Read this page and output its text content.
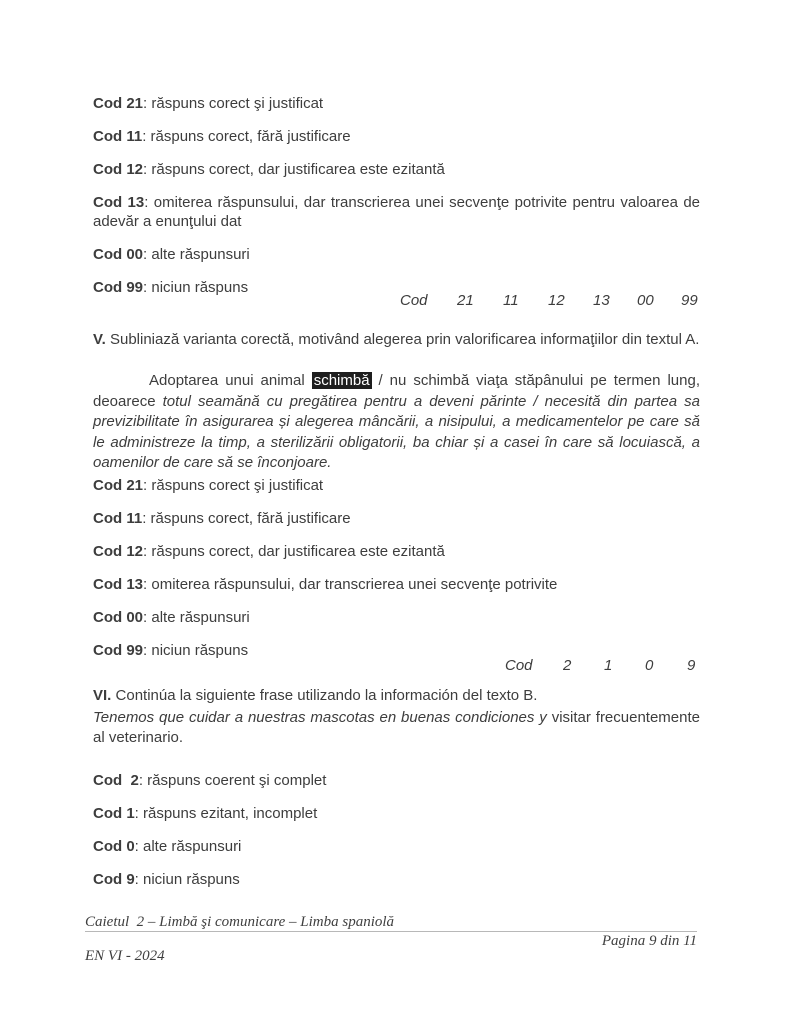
Cod 21: răspuns corect şi justificat

Cod 11: răspuns corect, fără justificare

Cod 12: răspuns corect, dar justificarea este ezitantă

Cod 13: omiterea răspunsului, dar transcrierea unei secvenţe potrivite pentru valoarea de adevăr a enunţului dat

Cod 00: alte răspunsuri

Cod 99: niciun răspuns

Cod 21 11 12 13 00 99

V. Subliniază varianta corectă, motivând alegerea prin valorificarea informaţiilor din textul A.

Adoptarea unui animal schimbă / nu schimbă viaţa stăpânului pe termen lung, deoarece totul seamănă cu pregătirea pentru a deveni părinte / necesită din partea sa previzibilitate în asigurarea și alegerea mâncării, a nisipului, a medicamentelor pe care să le administreze la timp, a sterilizării obligatorii, ba chiar și a casei în care să locuiască, a oamenilor de care să se înconjoare.

Cod 21: răspuns corect şi justificat

Cod 11: răspuns corect, fără justificare

Cod 12: răspuns corect, dar justificarea este ezitantă

Cod 13: omiterea răspunsului, dar transcrierea unei secvenţe potrivite

Cod 00: alte răspunsuri

Cod 99: niciun răspuns

Cod 2 1 0 9

VI. Continúa la siguiente frase utilizando la información del texto B.

Tenemos que cuidar a nuestras mascotas en buenas condiciones y visitar frecuentemente al veterinario.

Cod  2: răspuns coerent şi complet

Cod 1: răspuns ezitant, incomplet

Cod 0: alte răspunsuri

Cod 9: niciun răspuns

Caietul  2 – Limbă şi comunicare – Limba spaniolă
Pagina 9 din 11
EN VI - 2024
